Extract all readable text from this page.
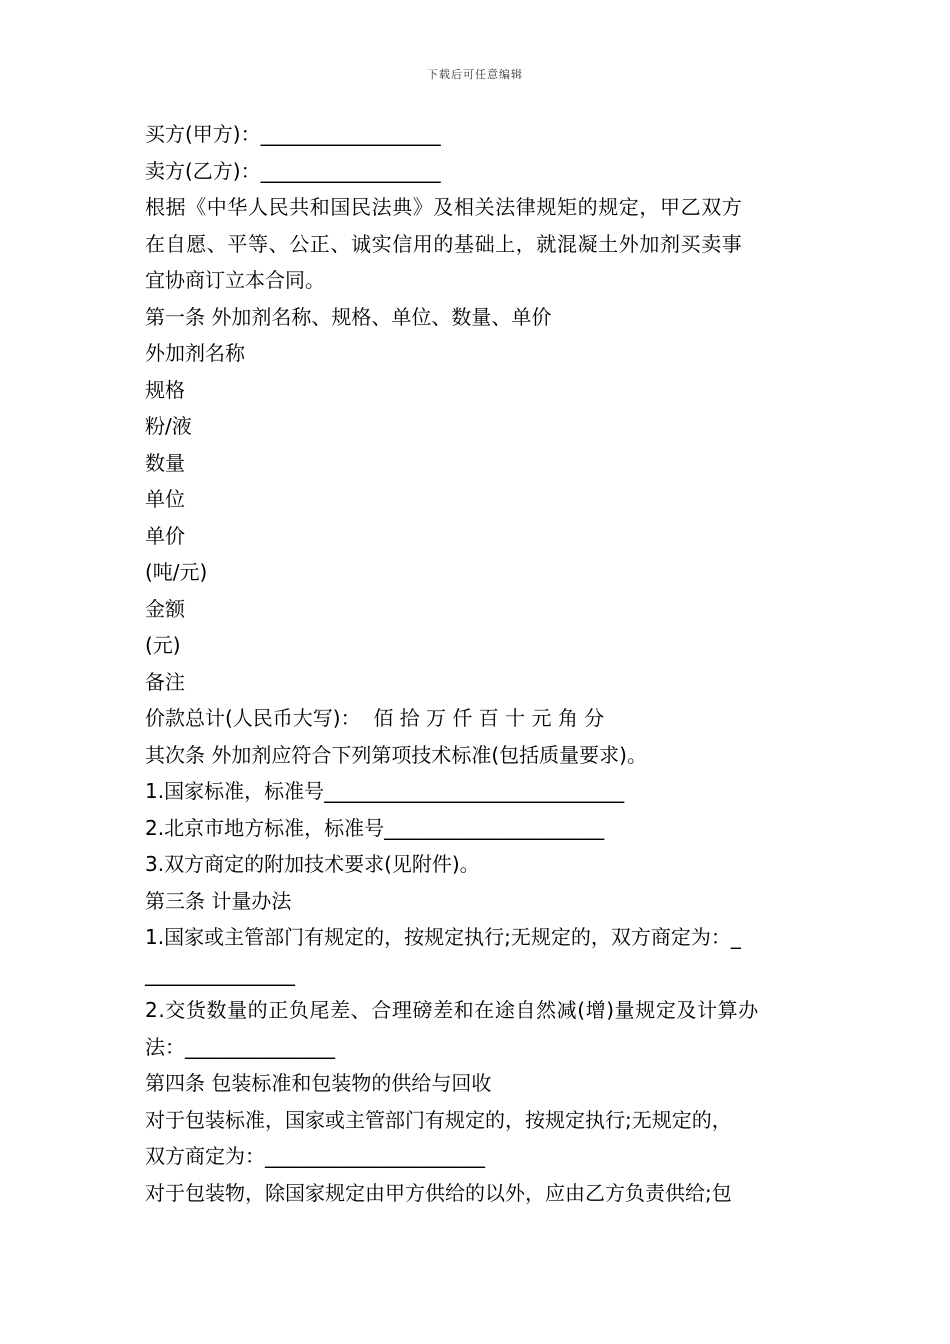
下载后可任意编辑

买方(甲方)：__________________

卖方(乙方)：__________________

根据《中华人民共和国民法典》及相关法律规矩的规定，甲乙双方

在自愿、平等、公正、诚实信用的基础上，就混凝土外加剂买卖事

宜协商订立本合同。

第一条 外加剂名称、规格、单位、数量、单价

外加剂名称

规格

粉/液

数量

单位

单价

(吨/元)

金额

(元)

备注

价款总计(人民币大写)：  佰 拾 万 仟 百 十 元 角 分

其次条 外加剂应符合下列第项技术标准(包括质量要求)。

1.国家标准，标准号______________________________

2.北京市地方标准，标准号______________________

3.双方商定的附加技术要求(见附件)。

第三条 计量办法

1.国家或主管部门有规定的，按规定执行;无规定的，双方商定为：_

_______________

2.交货数量的正负尾差、合理磅差和在途自然减(增)量规定及计算办

法：_______________

第四条 包装标准和包装物的供给与回收

对于包装标准，国家或主管部门有规定的，按规定执行;无规定的，

双方商定为：______________________

对于包装物，除国家规定由甲方供给的以外，应由乙方负责供给;包
